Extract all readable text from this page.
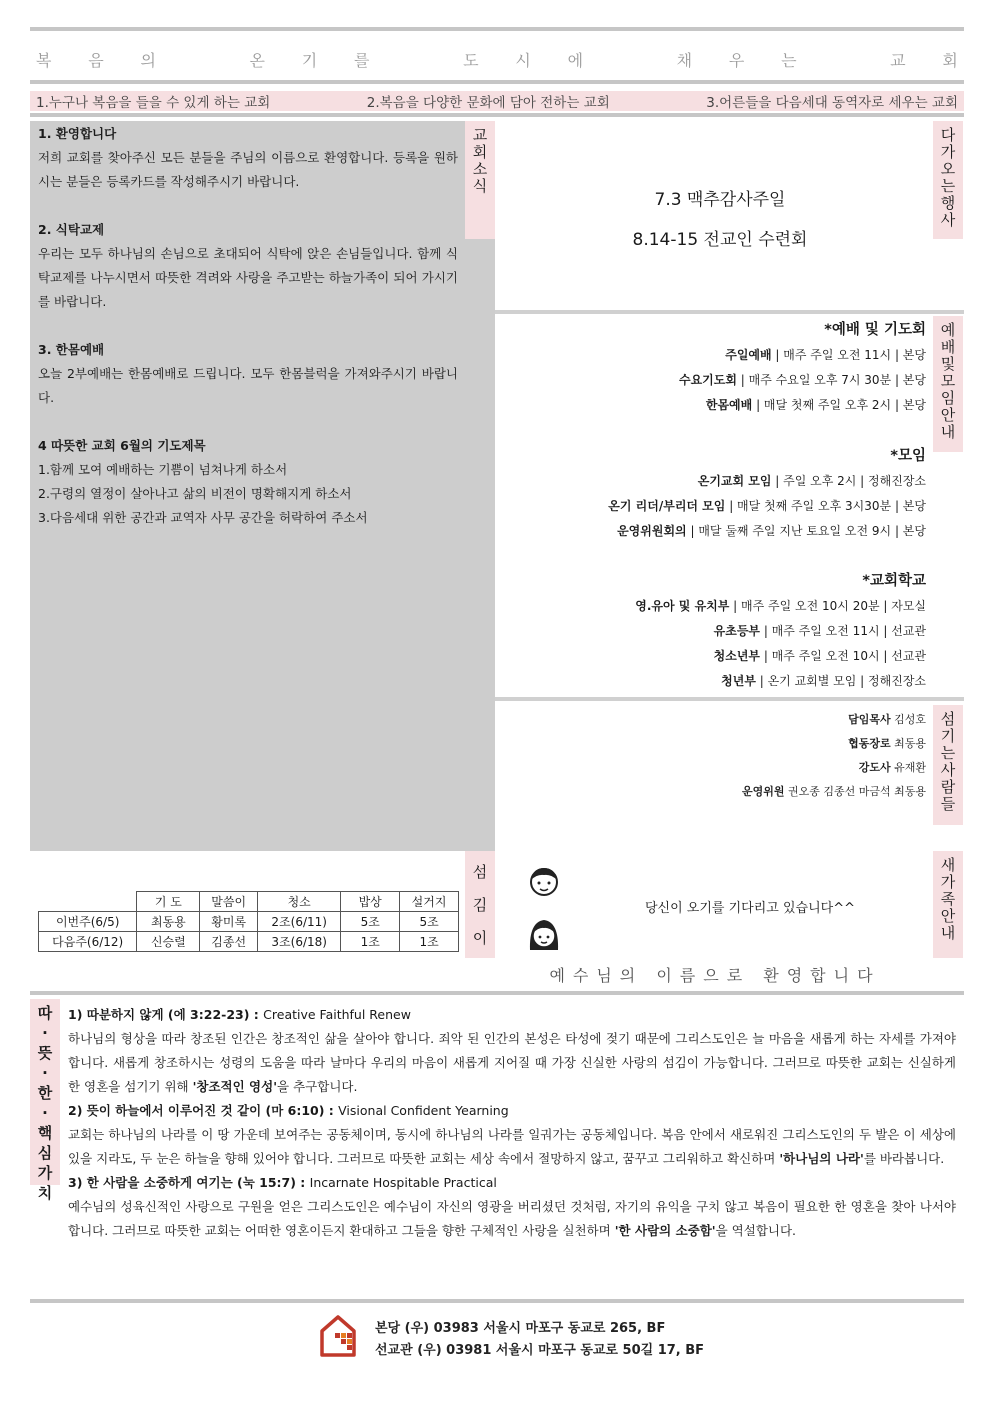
복 음 의	온 기 를	도 시 에	채 우 는	교 회
1.누구나 복음을 들을 수 있게 하는 교회	2.복음을 다양한 문화에 담아 전하는 교회	3.어른들을 다음세대 동역자로 세우는 교회
교회소식
1. 환영합니다

저희 교회를 찾아주신 모든 분들을 주님의 이름으로 환영합니다. 등록을 원하시는 분들은 등록카드를 작성해주시기 바랍니다.

2. 식탁교제

우리는 모두 하나님의 손님으로 초대되어 식탁에 앉은 손님들입니다. 함께 식탁교제를 나누시면서 따뜻한 격려와 사랑을 주고받는 하늘가족이 되어 가시기를 바랍니다.

3. 한몸예배

오늘 2부예배는 한몸예배로 드립니다. 모두 한몸블럭을 가져와주시기 바랍니다.

4 따뜻한 교회 6월의 기도제목

1.함께 모여 예배하는 기쁨이 넘쳐나게 하소서

2.구령의 열정이 살아나고 삶의 비전이 명확해지게 하소서

3.다음세대 위한 공간과 교역자 사무 공간을 허락하여 주소서

다가오는행사
7.3 맥추감사주일
8.14-15 전교인 수련회
예배및모임안내
*예배 및 기도회
주일예배 | 매주 주일 오전 11시 | 본당
수요기도회 | 매주 수요일 오후 7시 30분 | 본당
한몸예배 | 매달 첫째 주일 오후 2시 | 본당
*모임
온기교회 모임 | 주일 오후 2시 | 정해진장소
온기 리더/부리더 모임 | 매달 첫째 주일 오후 3시30분 | 본당
운영위원회의 | 매달 둘째 주일 지난 토요일 오전 9시 | 본당
*교회학교
영.유아 및 유치부 | 매주 주일 오전 10시 20분 | 자모실
유초등부 | 매주 주일 오전 11시 | 선교관
청소년부 | 매주 주일 오전 10시 | 선교관
청년부 | 온기 교회별 모임 | 정해진장소
섬기는사람들
담임목사 김성호
협동장로 최동용
강도사 유재환
운영위원 권오종 김종선 마금석 최동용
	기 도	말씀이	청소	밥상	설거지
이번주(6/5)	최동용	황미록	2조(6/11)	5조	5조
다음주(6/12)	신승렬	김종선	3조(6/18)	1조	1조
섬
김
이
당신이 오기를 기다리고 있습니다^^
예수님의 이름으로 환영합니다
새가족안내
따
·
뜻
·
한
·
핵
심
가
치
1) 따분하지 않게 (에 3:22-23) : Creative Faithful Renew

하나님의 형상을 따라 창조된 인간은 창조적인 삶을 살아야 합니다. 죄악 된 인간의 본성은 타성에 젖기 때문에 그리스도인은 늘 마음을 새롭게 하는 자세를 가져야합니다. 새롭게 창조하시는 성령의 도움을 따라 날마다 우리의 마음이 새롭게 지어질 때 가장 신실한 사랑의 섬김이 가능합니다. 그러므로 따뜻한 교회는 신실하게 한 영혼을 섬기기 위해 '창조적인 영성'을 추구합니다.

2) 뜻이 하늘에서 이루어진 것 같이 (마 6:10) : Visional Confident Yearning

교회는 하나님의 나라를 이 땅 가운데 보여주는 공동체이며, 동시에 하나님의 나라를 일궈가는 공동체입니다. 복음 안에서 새로워진 그리스도인의 두 발은 이 세상에 있을 지라도, 두 눈은 하늘을 향해 있어야 합니다. 그러므로 따뜻한 교회는 세상 속에서 절망하지 않고, 꿈꾸고 그리워하고 확신하며 '하나님의 나라'를 바라봅니다.

3) 한 사람을 소중하게 여기는 (눅 15:7) : Incarnate Hospitable Practical

예수님의 성육신적인 사랑으로 구원을 얻은 그리스도인은 예수님이 자신의 영광을 버리셨던 것처럼, 자기의 유익을 구치 않고 복음이 필요한 한 영혼을 찾아 나서야 합니다. 그러므로 따뜻한 교회는 어떠한 영혼이든지 환대하고 그들을 향한 구체적인 사랑을 실천하며 '한 사람의 소중함'을 역설합니다.

본당 (우) 03983 서울시 마포구 동교로 265, BF
선교관 (우) 03981 서울시 마포구 동교로 50길 17, BF
